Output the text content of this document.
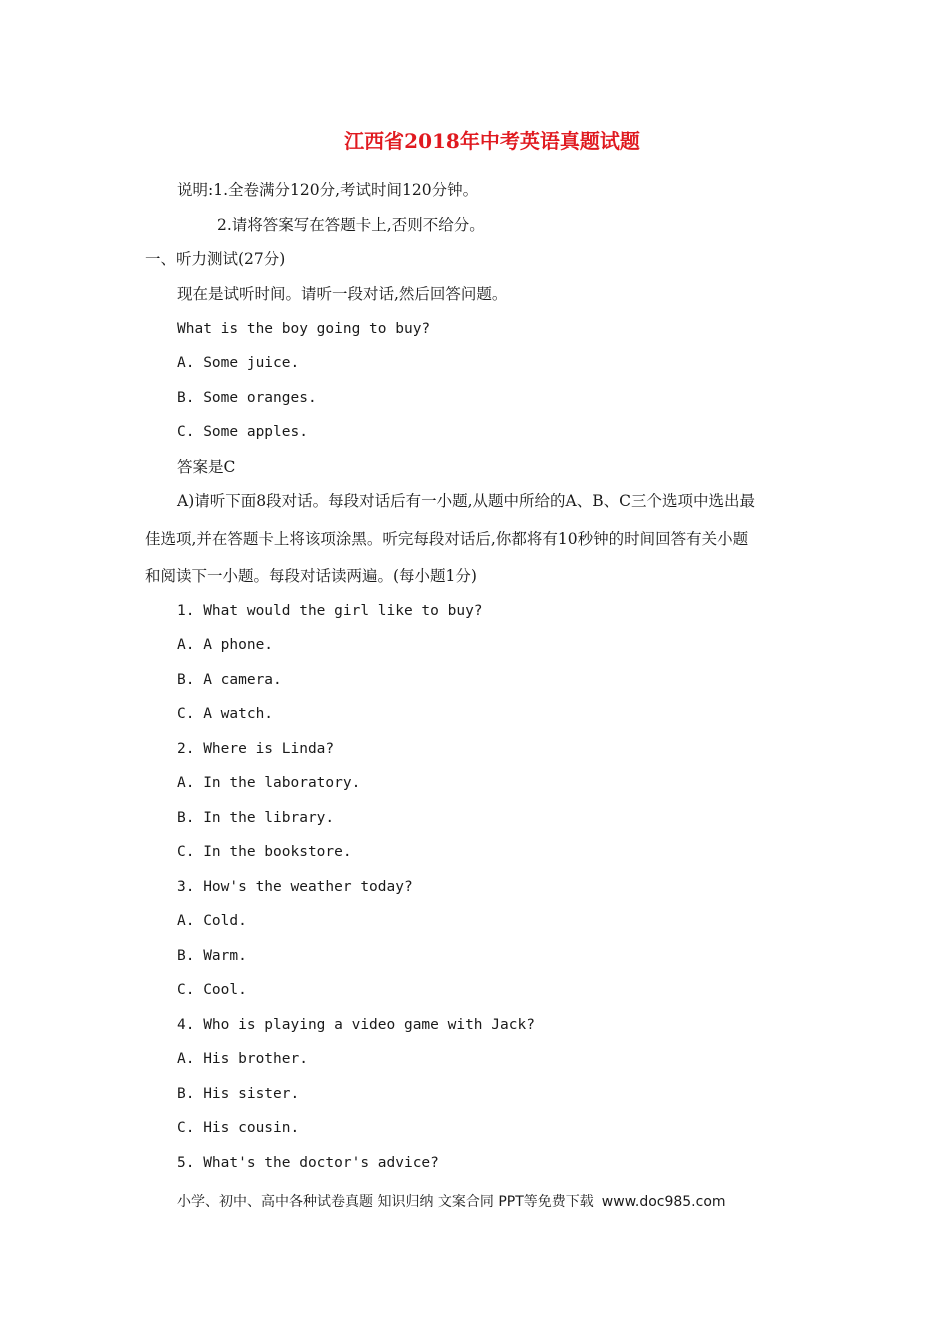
江西省2018年中考英语真题试题
说明:1.全卷满分120分,考试时间120分钟。
2.请将答案写在答题卡上,否则不给分。
一、听力测试(27分)
现在是试听时间。请听一段对话,然后回答问题。
What is the boy going to buy?
A. Some juice.
B. Some oranges.
C. Some apples.
答案是C
A)请听下面8段对话。每段对话后有一小题,从题中所给的A、B、C三个选项中选出最
佳选项,并在答题卡上将该项涂黑。听完每段对话后,你都将有10秒钟的时间回答有关小题
和阅读下一小题。每段对话读两遍。(每小题1分)
1. What would the girl like to buy?
A. A phone.
B. A camera.
C. A watch.
2. Where is Linda?
A. In the laboratory.
B. In the library.
C. In the bookstore.
3. How's the weather today?
A. Cold.
B. Warm.
C. Cool.
4. Who is playing a video game with Jack?
A. His brother.
B. His sister.
C. His cousin.
5. What's the doctor's advice?
小学、初中、高中各种试卷真题 知识归纳 文案合同 PPT等免费下载 www.doc985.com
